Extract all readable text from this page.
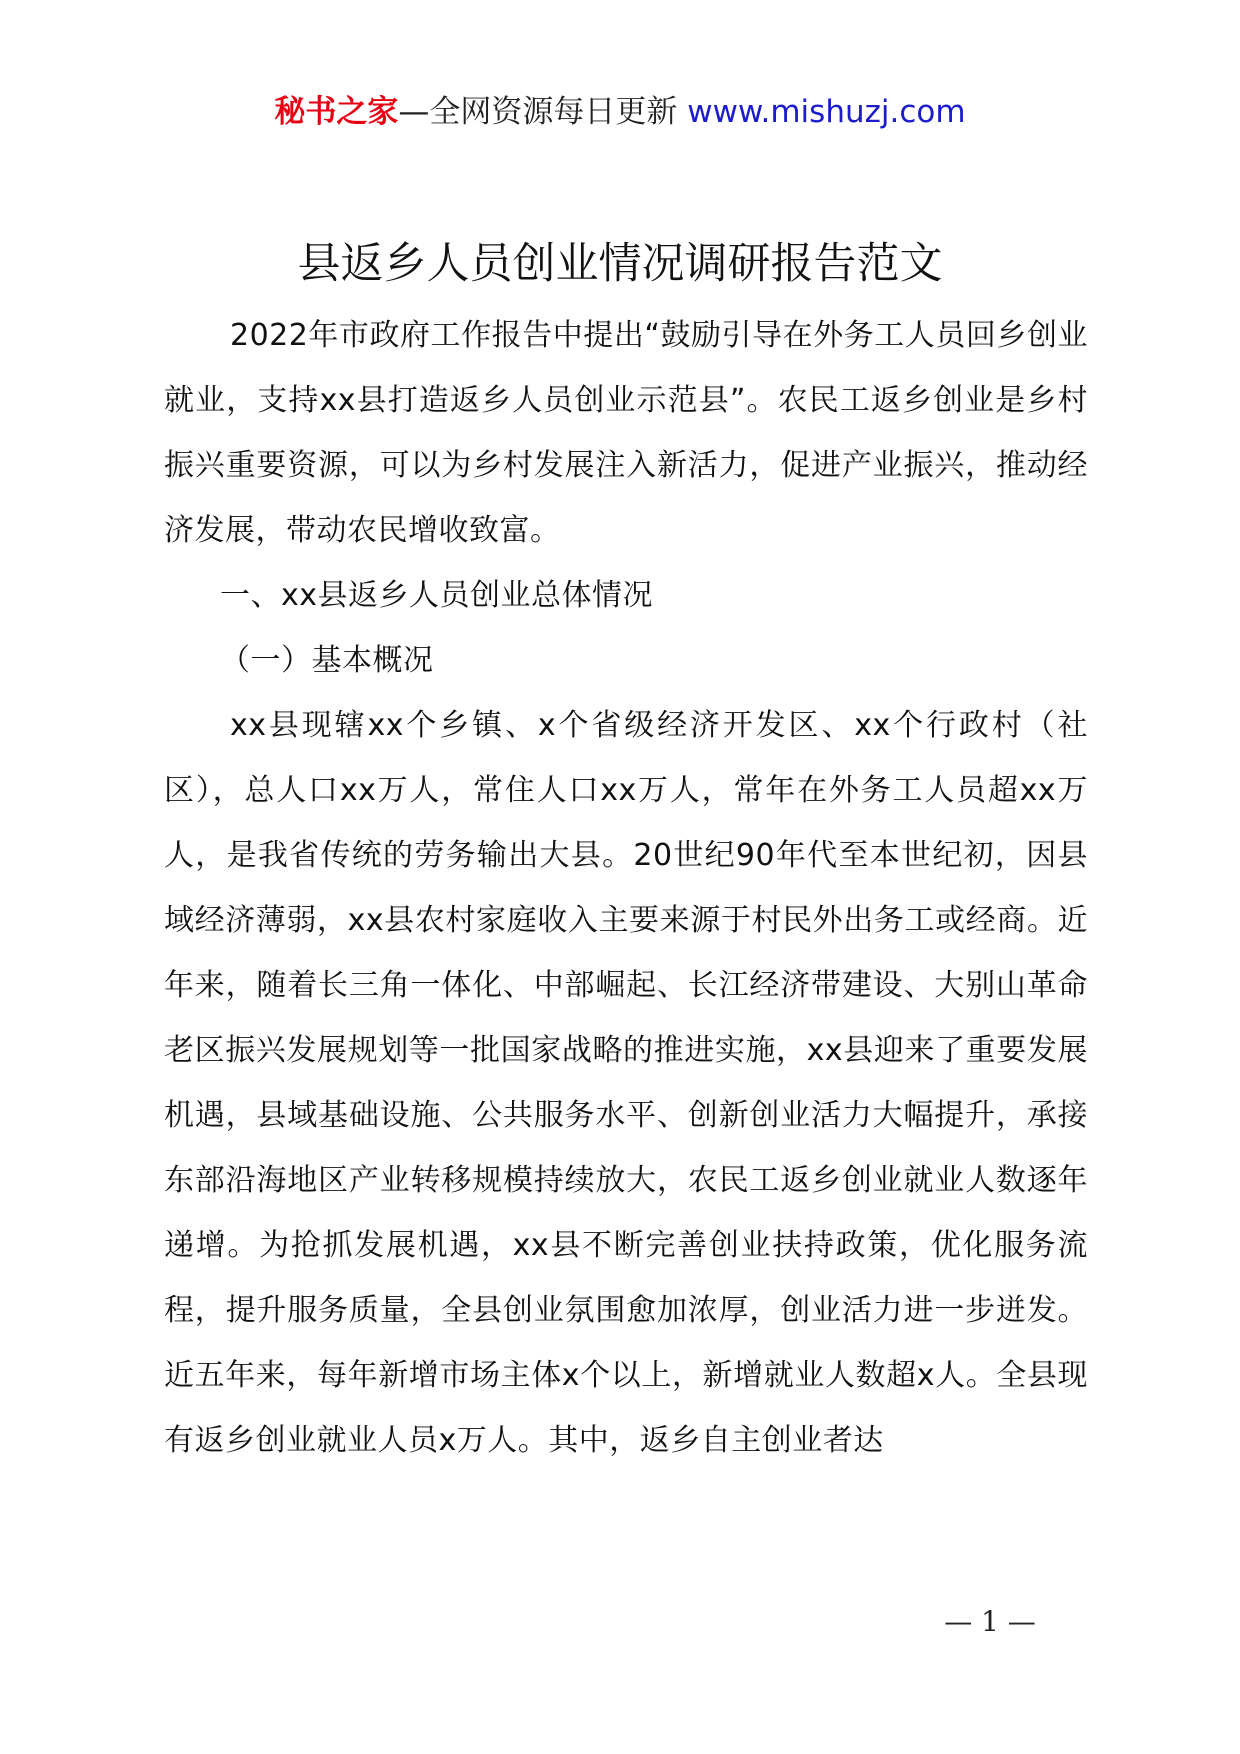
秘书之家—全网资源每日更新 www.mishuzj.com
县返乡人员创业情况调研报告范文

2022年市政府工作报告中提出“鼓励引导在外务工人员回乡创业就业，支持xx县打造返乡人员创业示范县”。农民工返乡创业是乡村振兴重要资源，可以为乡村发展注入新活力，促进产业振兴，推动经济发展，带动农民增收致富。

一、xx县返乡人员创业总体情况

（一）基本概况

xx县现辖xx个乡镇、x个省级经济开发区、xx个行政村（社区），总人口xx万人，常住人口xx万人，常年在外务工人员超xx万人，是我省传统的劳务输出大县。20世纪90年代至本世纪初，因县域经济薄弱，xx县农村家庭收入主要来源于村民外出务工或经商。近年来，随着长三角一体化、中部崛起、长江经济带建设、大别山革命老区振兴发展规划等一批国家战略的推进实施，xx县迎来了重要发展机遇，县域基础设施、公共服务水平、创新创业活力大幅提升，承接东部沿海地区产业转移规模持续放大，农民工返乡创业就业人数逐年递增。为抢抓发展机遇，xx县不断完善创业扶持政策，优化服务流程，提升服务质量，全县创业氛围愈加浓厚，创业活力进一步迸发。近五年来，每年新增市场主体x个以上，新增就业人数超x人。全县现有返乡创业就业人员x万人。其中，返乡自主创业者达

— 1 —
